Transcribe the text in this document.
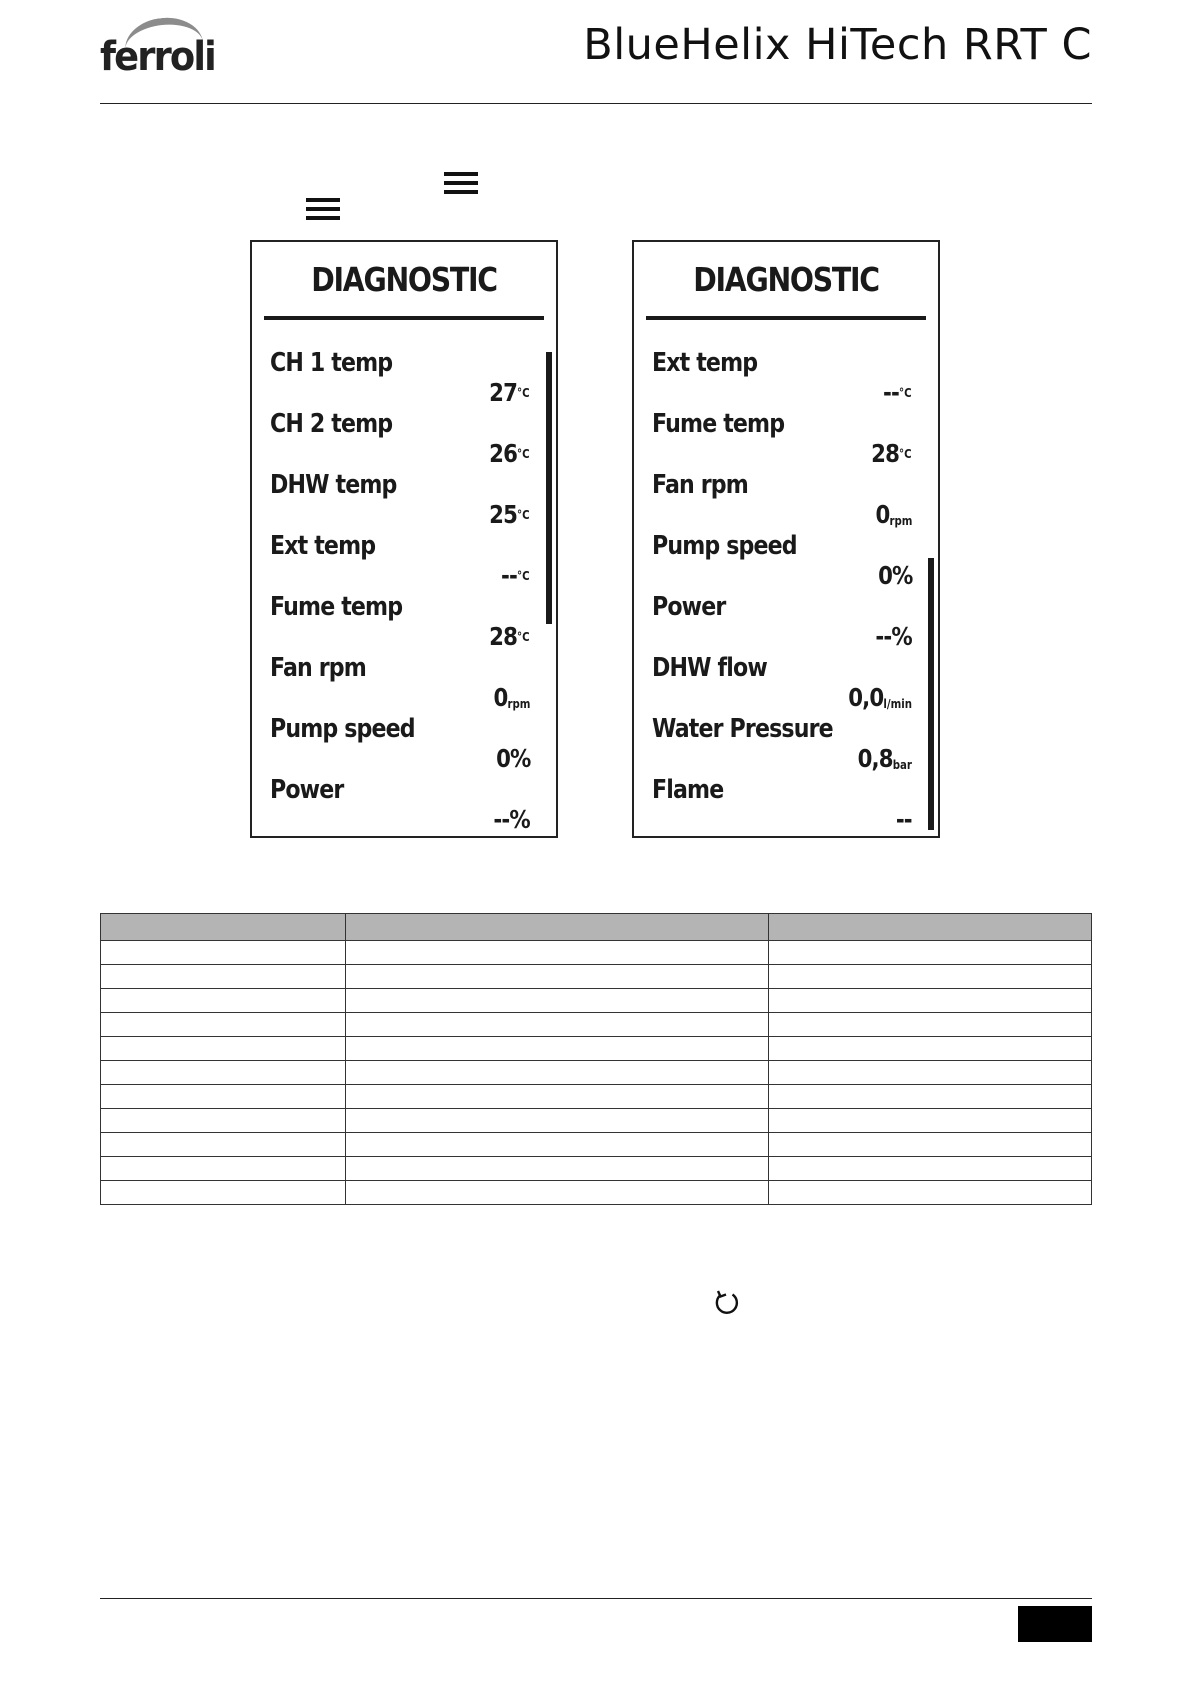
ferroli	BlueHelix HiTech RRT C
DIAGNOSTIC
CH 1 temp
27°C
CH 2 temp
26°C
DHW temp
25°C
Ext temp
--°C
Fume temp
28°C
Fan rpm
0rpm
Pump speed
0%
Power
--%
DIAGNOSTIC
Ext temp
--°C
Fume temp
28°C
Fan rpm
0rpm
Pump speed
0%
Power
--%
DHW flow
0,0l/min
Water Pressure
0,8bar
Flame
--
